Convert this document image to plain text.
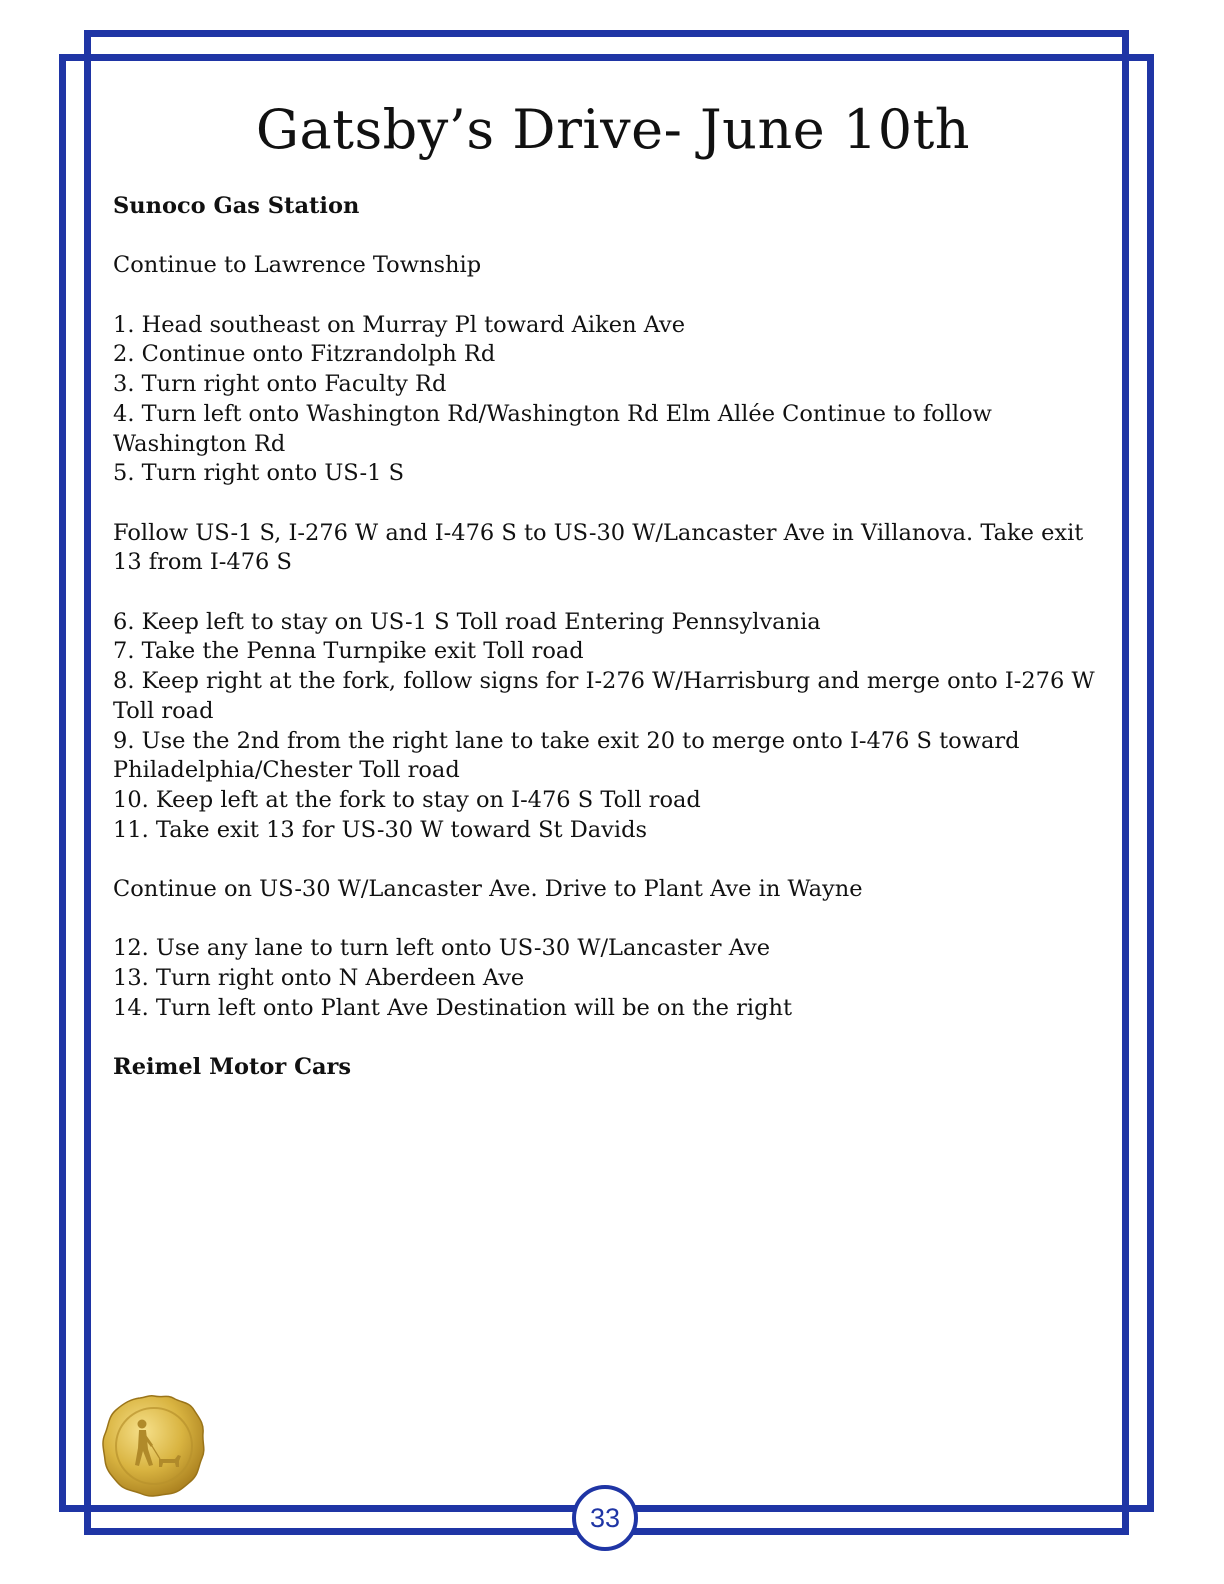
Gatsby’s Drive- June 10th
Sunoco Gas Station
Continue to Lawrence Township
1. Head southeast on Murray Pl toward Aiken Ave
2. Continue onto Fitzrandolph Rd
3. Turn right onto Faculty Rd
4. Turn left onto Washington Rd/Washington Rd Elm Allée Continue to follow Washington Rd
5. Turn right onto US-1 S
Follow US-1 S, I-276 W and I-476 S to US-30 W/Lancaster Ave in Villanova. Take exit 13 from I-476 S
6. Keep left to stay on US-1 S Toll road Entering Pennsylvania
7. Take the Penna Turnpike exit Toll road
8. Keep right at the fork, follow signs for I-276 W/Harrisburg and merge onto I-276 W Toll road
9. Use the 2nd from the right lane to take exit 20 to merge onto I-476 S toward Philadelphia/Chester Toll road
10. Keep left at the fork to stay on I-476 S Toll road
11. Take exit 13 for US-30 W toward St Davids
Continue on US-30 W/Lancaster Ave. Drive to Plant Ave in Wayne
12. Use any lane to turn left onto US-30 W/Lancaster Ave
13. Turn right onto N Aberdeen Ave
14. Turn left onto Plant Ave Destination will be on the right
Reimel Motor Cars
33
